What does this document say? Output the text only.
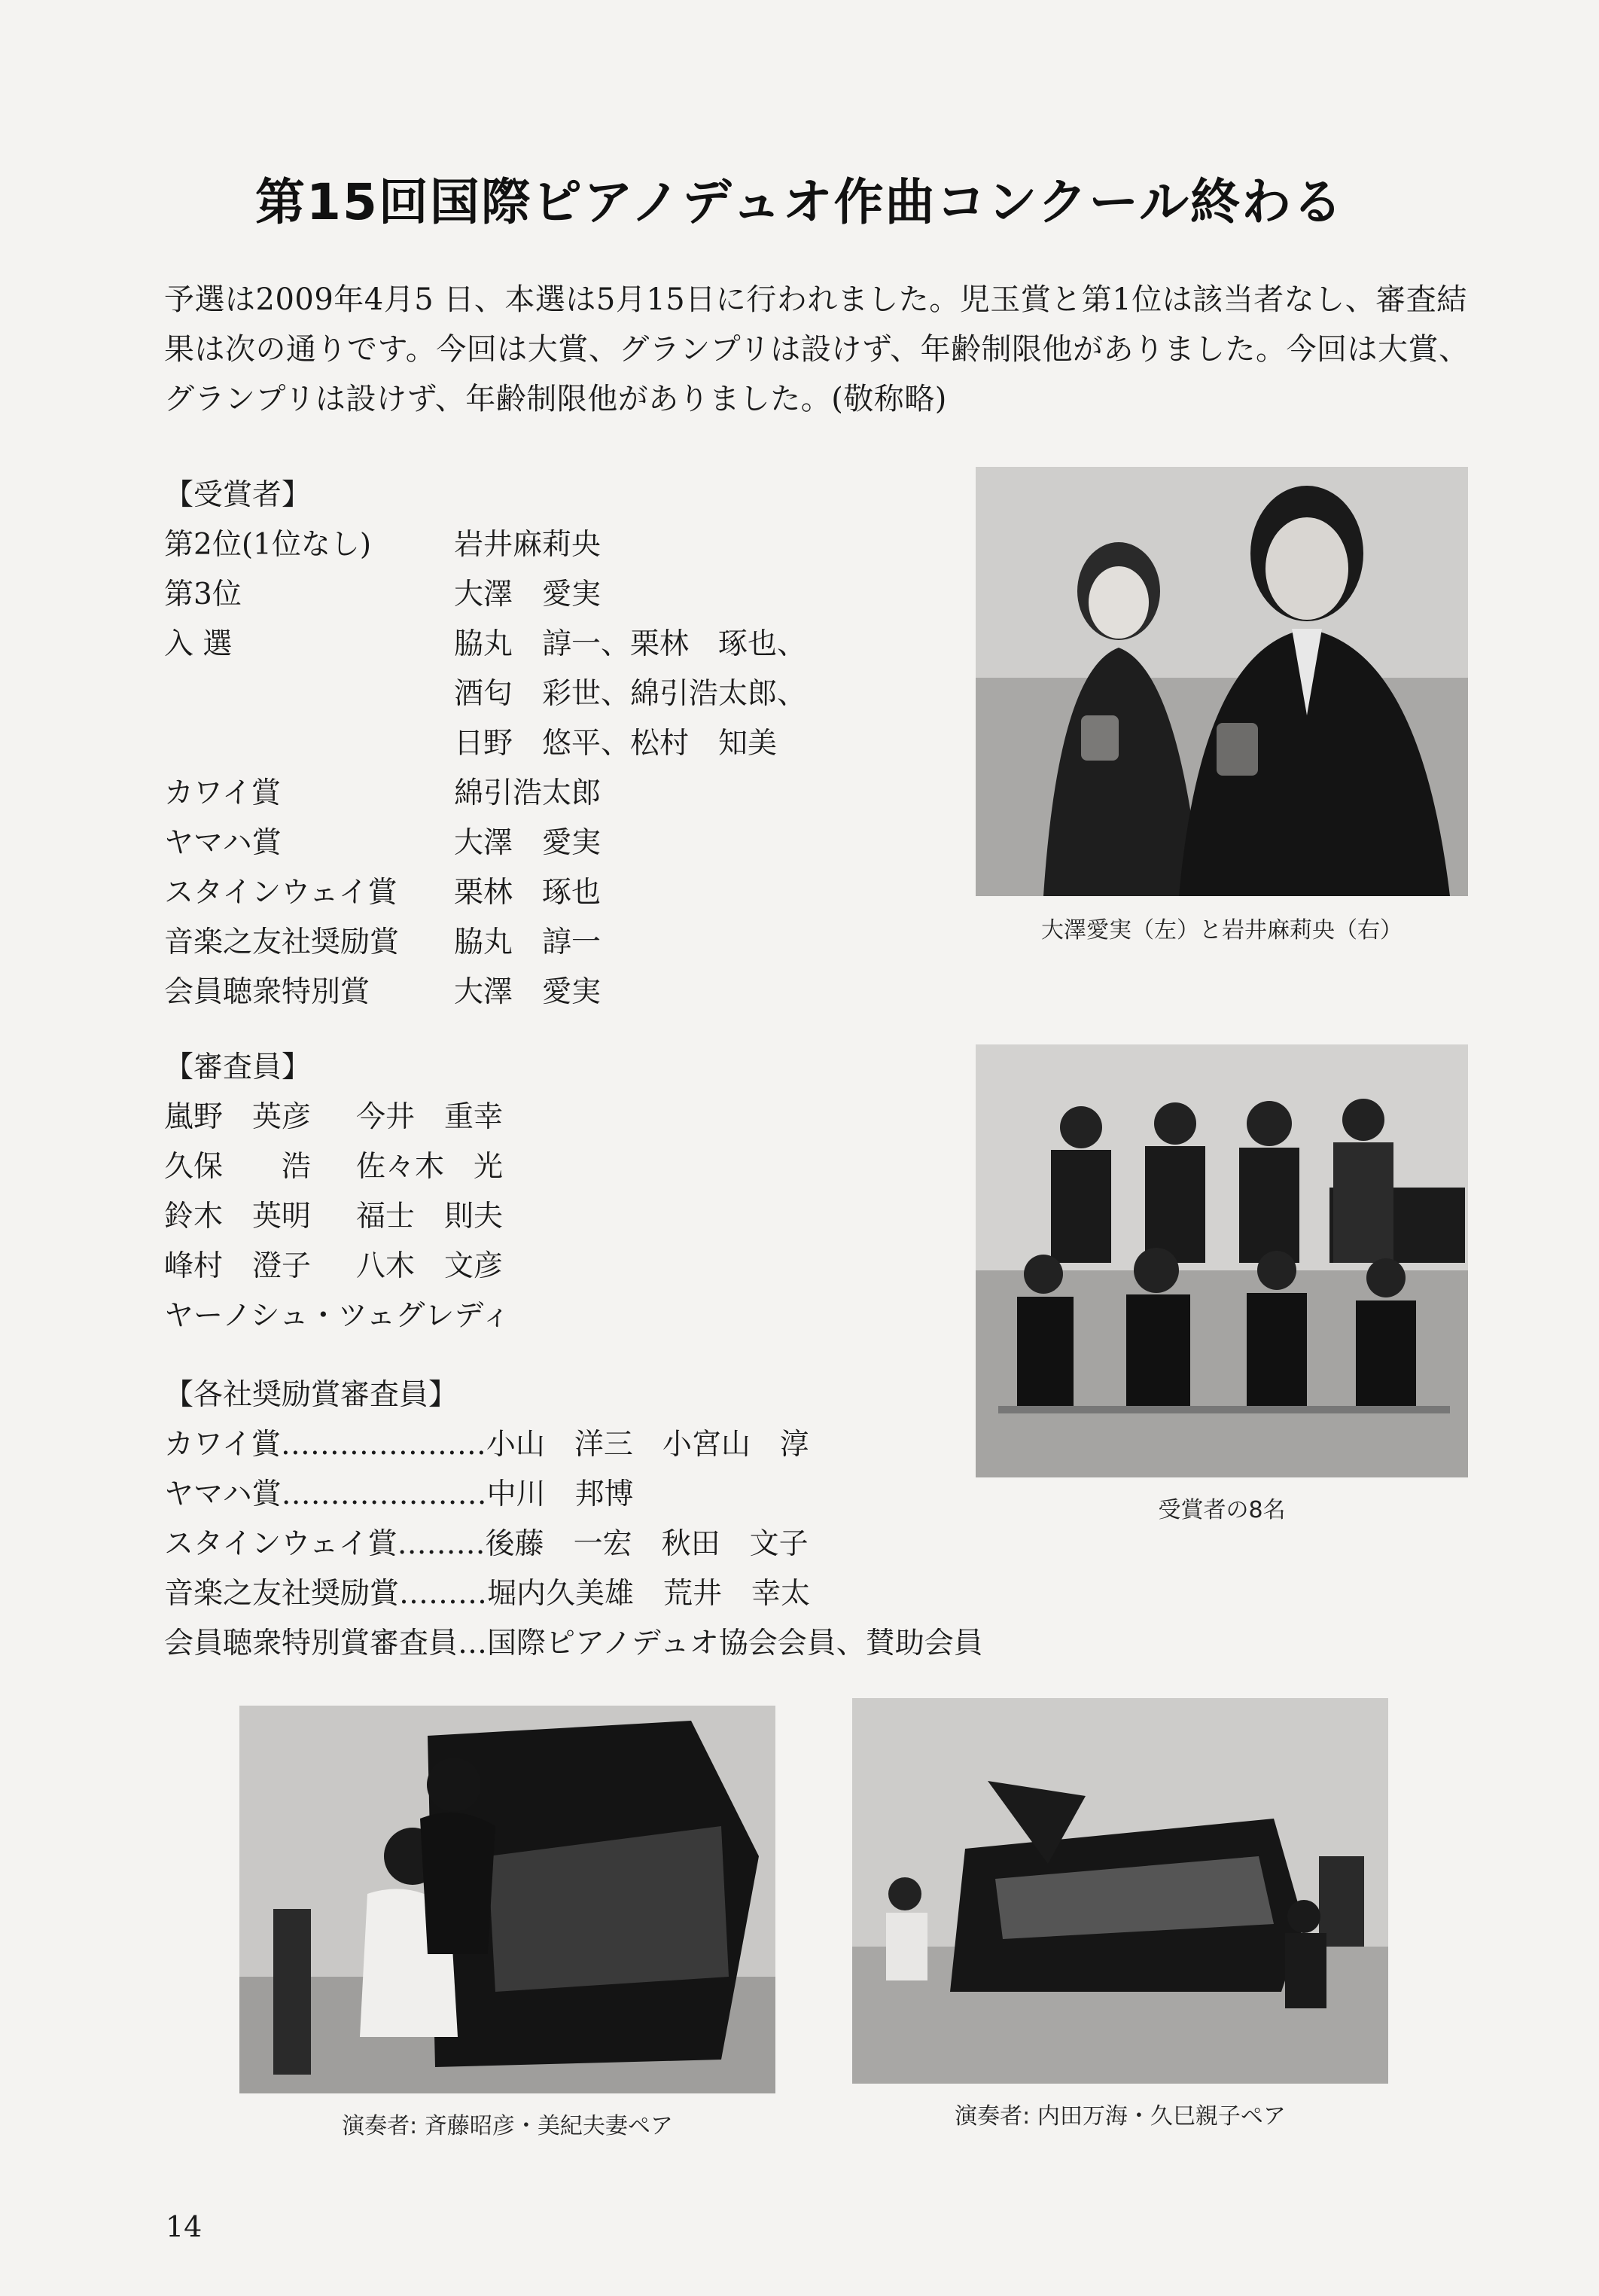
第15回国際ピアノデュオ作曲コンクール終わる
予選は2009年4月5 日、本選は5月15日に行われました。児玉賞と第1位は該当者なし、審査結果は次の通りです。今回は大賞、グランプリは設けず、年齢制限他がありました。今回は大賞、グランプリは設けず、年齢制限他がありました。(敬称略)
【受賞者】
第2位(1位なし)	岩井麻莉央
第3位	大澤　愛実
入 選	脇丸　諄一、栗林　琢也、
酒匂　彩世、綿引浩太郎、
日野　悠平、松村　知美
カワイ賞	綿引浩太郎
ヤマハ賞	大澤　愛実
スタインウェイ賞	栗林　琢也
音楽之友社奨励賞	脇丸　諄一
会員聴衆特別賞	大澤　愛実
【審査員】
嵐野　英彦	今井　重幸
久保　　浩	佐々木　光
鈴木　英明	福士　則夫
峰村　澄子	八木　文彦
ヤーノシュ・ツェグレディ
【各社奨励賞審査員】
カワイ賞…………………小山　洋三　小宮山　淳
ヤマハ賞…………………中川　邦博
スタインウェイ賞………後藤　一宏　秋田　文子
音楽之友社奨励賞………堀内久美雄　荒井　幸太
会員聴衆特別賞審査員…国際ピアノデュオ協会会員、賛助会員
大澤愛実（左）と岩井麻莉央（右）
受賞者の8名
演奏者: 斉藤昭彦・美紀夫妻ペア	演奏者: 内田万海・久巳親子ペア
14
